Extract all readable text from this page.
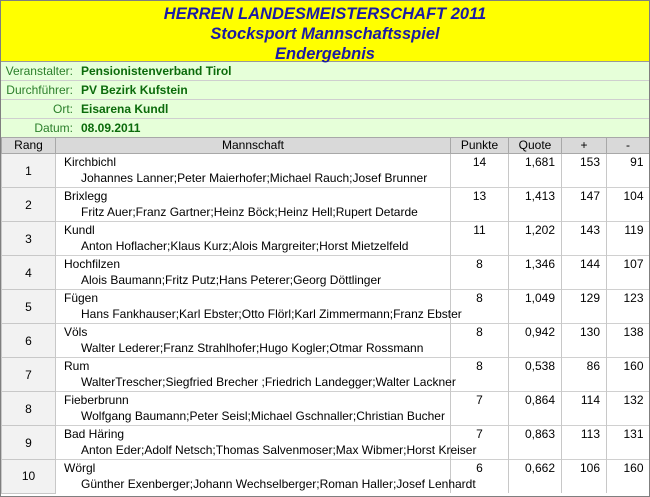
HERREN LANDESMEISTERSCHAFT 2011
Stocksport Mannschaftsspiel
Endergebnis
Veranstalter: Pensionistenverband Tirol
Durchführer: PV Bezirk Kufstein
Ort: Eisarena Kundl
Datum: 08.09.2011
Rang	Mannschaft	Punkte	Quote	+	-
1	Kirchbichl	14	1,681	153	91
	Johannes Lanner;Peter Maierhofer;Michael Rauch;Josef Brunner				
2	Brixlegg	13	1,413	147	104
	Fritz Auer;Franz Gartner;Heinz Böck;Heinz Hell;Rupert Detarde				
3	Kundl	11	1,202	143	119
	Anton Hoflacher;Klaus Kurz;Alois Margreiter;Horst Mietzelfeld				
4	Hochfilzen	8	1,346	144	107
	Alois Baumann;Fritz Putz;Hans Peterer;Georg Döttlinger				
5	Fügen	8	1,049	129	123
	Hans Fankhauser;Karl Ebster;Otto Flörl;Karl Zimmermann;Franz Ebster				
6	Völs	8	0,942	130	138
	Walter Lederer;Franz Strahlhofer;Hugo Kogler;Otmar Rossmann				
7	Rum	8	0,538	86	160
	WalterTrescher;Siegfried Brecher ;Friedrich Landegger;Walter Lackner				
8	Fieberbrunn	7	0,864	114	132
	Wolfgang Baumann;Peter Seisl;Michael Gschnaller;Christian Bucher				
9	Bad Häring	7	0,863	113	131
	Anton Eder;Adolf Netsch;Thomas Salvenmoser;Max Wibmer;Horst Kreiser				
10	Wörgl	6	0,662	106	160
	Günther Exenberger;Johann Wechselberger;Roman Haller;Josef Lenhardt				
